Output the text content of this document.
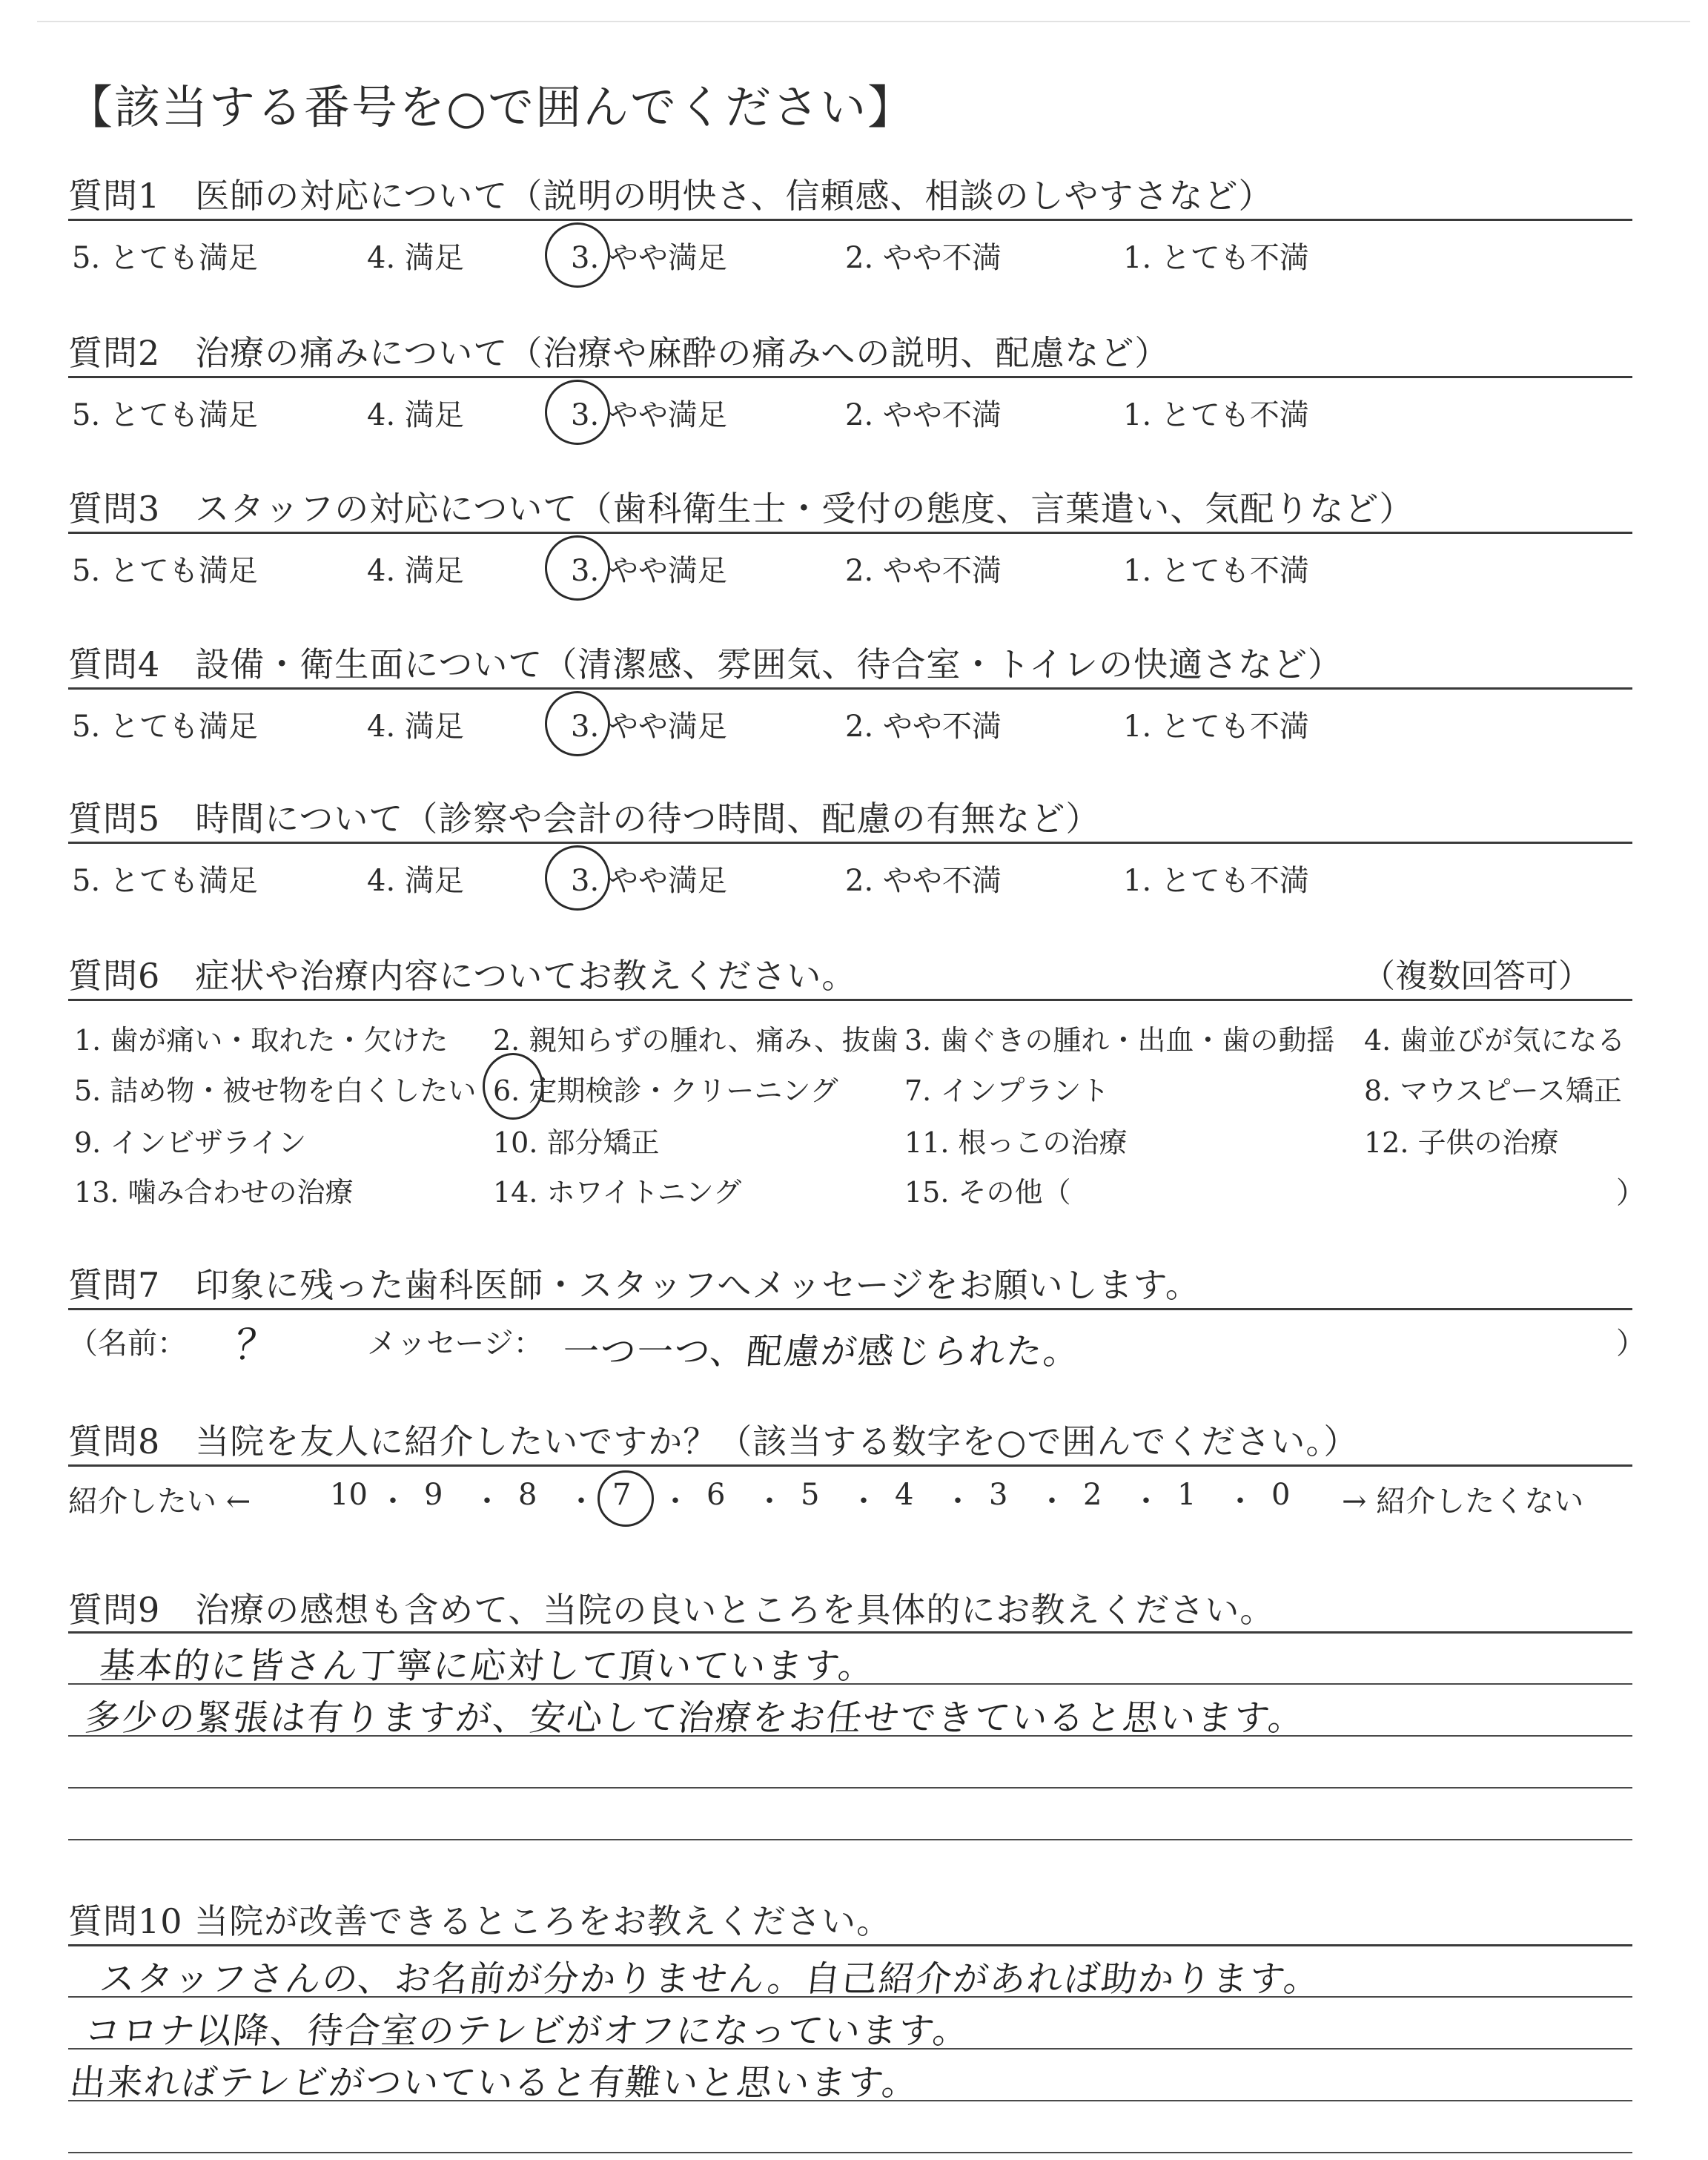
【該当する番号を○で囲んでください】
質問1　医師の対応について（説明の明快さ、信頼感、相談のしやすさなど）
5. とても満足	4. 満足	3. やや満足	2. やや不満	1. とても不満
質問2　治療の痛みについて（治療や麻酔の痛みへの説明、配慮など）
5. とても満足	4. 満足	3. やや満足	2. やや不満	1. とても不満
質問3　スタッフの対応について（歯科衛生士・受付の態度、言葉遣い、気配りなど）
5. とても満足	4. 満足	3. やや満足	2. やや不満	1. とても不満
質問4　設備・衛生面について（清潔感、雰囲気、待合室・トイレの快適さなど）
5. とても満足	4. 満足	3. やや満足	2. やや不満	1. とても不満
質問5　時間について（診察や会計の待つ時間、配慮の有無など）
5. とても満足	4. 満足	3. やや満足	2. やや不満	1. とても不満
質問6　症状や治療内容についてお教えください。	（複数回答可）
1. 歯が痛い・取れた・欠けた 2. 親知らずの腫れ、痛み、抜歯 3. 歯ぐきの腫れ・出血・歯の動揺 4. 歯並びが気になる
5. 詰め物・被せ物を白くしたい 6. 定期検診・クリーニング 7. インプラント	8. マウスピース矯正
9. インビザライン	10. 部分矯正	11. 根っこの治療	12. 子供の治療
13. 噛み合わせの治療	14. ホワイトニング	15. その他（	）
質問7　印象に残った歯科医師・スタッフへメッセージをお願いします。
（名前： ？	メッセージ： 一つ一つ、配慮が感じられた。	）
質問8　当院を友人に紹介したいですか？（該当する数字を○で囲んでください。）
紹介したい ←	10 ・ 9 ・ 8 ・ 7 ・ 6 ・ 5 ・ 4 ・ 3 ・ 2 ・ 1 ・ 0 → 紹介したくない
質問9　治療の感想も含めて、当院の良いところを具体的にお教えください。
基本的に皆さん丁寧に応対して頂いています。
多少の緊張は有りますが、安心して治療をお任せできていると思います。
質問10 当院が改善できるところをお教えください。
スタッフさんの、お名前が分かりません。自己紹介があれば助かります。
コロナ以降、待合室のテレビがオフになっています。
出来ればテレビがついていると有難いと思います。
